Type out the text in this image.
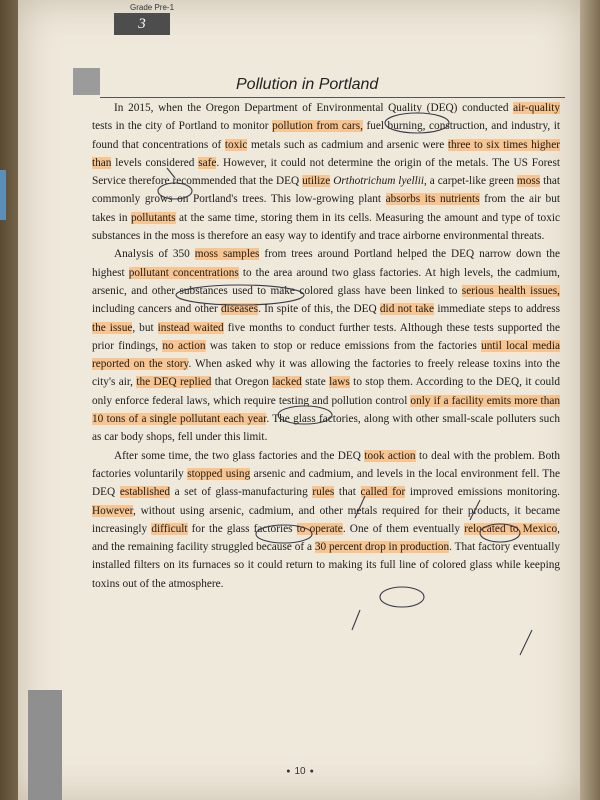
Grade Pre-1
3
Pollution in Portland

In 2015, when the Oregon Department of Environmental Quality (DEQ) conducted air-quality tests in the city of Portland to monitor pollution from cars, fuel burning, construction, and industry, it found that concentrations of toxic metals such as cadmium and arsenic were three to six times higher than levels considered safe. However, it could not determine the origin of the metals. The US Forest Service therefore recommended that the DEQ utilize Orthotrichum lyellii, a carpet-like green moss that commonly grows on Portland's trees. This low-growing plant absorbs its nutrients from the air but takes in pollutants at the same time, storing them in its cells. Measuring the amount and type of toxic substances in the moss is therefore an easy way to identify and trace airborne environmental threats.

Analysis of 350 moss samples from trees around Portland helped the DEQ narrow down the highest pollutant concentrations to the area around two glass factories. At high levels, the cadmium, arsenic, and other substances used to make colored glass have been linked to serious health issues, including cancers and other diseases. In spite of this, the DEQ did not take immediate steps to address the issue, but instead waited five months to conduct further tests. Although these tests supported the prior findings, no action was taken to stop or reduce emissions from the factories until local media reported on the story. When asked why it was allowing the factories to freely release toxins into the city's air, the DEQ replied that Oregon lacked state laws to stop them. According to the DEQ, it could only enforce federal laws, which require testing and pollution control only if a facility emits more than 10 tons of a single pollutant each year. The glass factories, along with other small-scale polluters such as car body shops, fell under this limit.

After some time, the two glass factories and the DEQ took action to deal with the problem. Both factories voluntarily stopped using arsenic and cadmium, and levels in the local environment fell. The DEQ established a set of glass-manufacturing rules that called for improved emissions monitoring. However, without using arsenic, cadmium, and other metals required for their products, it became increasingly difficult for the glass factories to operate. One of them eventually relocated to Mexico, and the remaining facility struggled because of a 30 percent drop in production. That factory eventually installed filters on its furnaces so it could return to making its full line of colored glass while keeping toxins out of the atmosphere.

● 10 ●
